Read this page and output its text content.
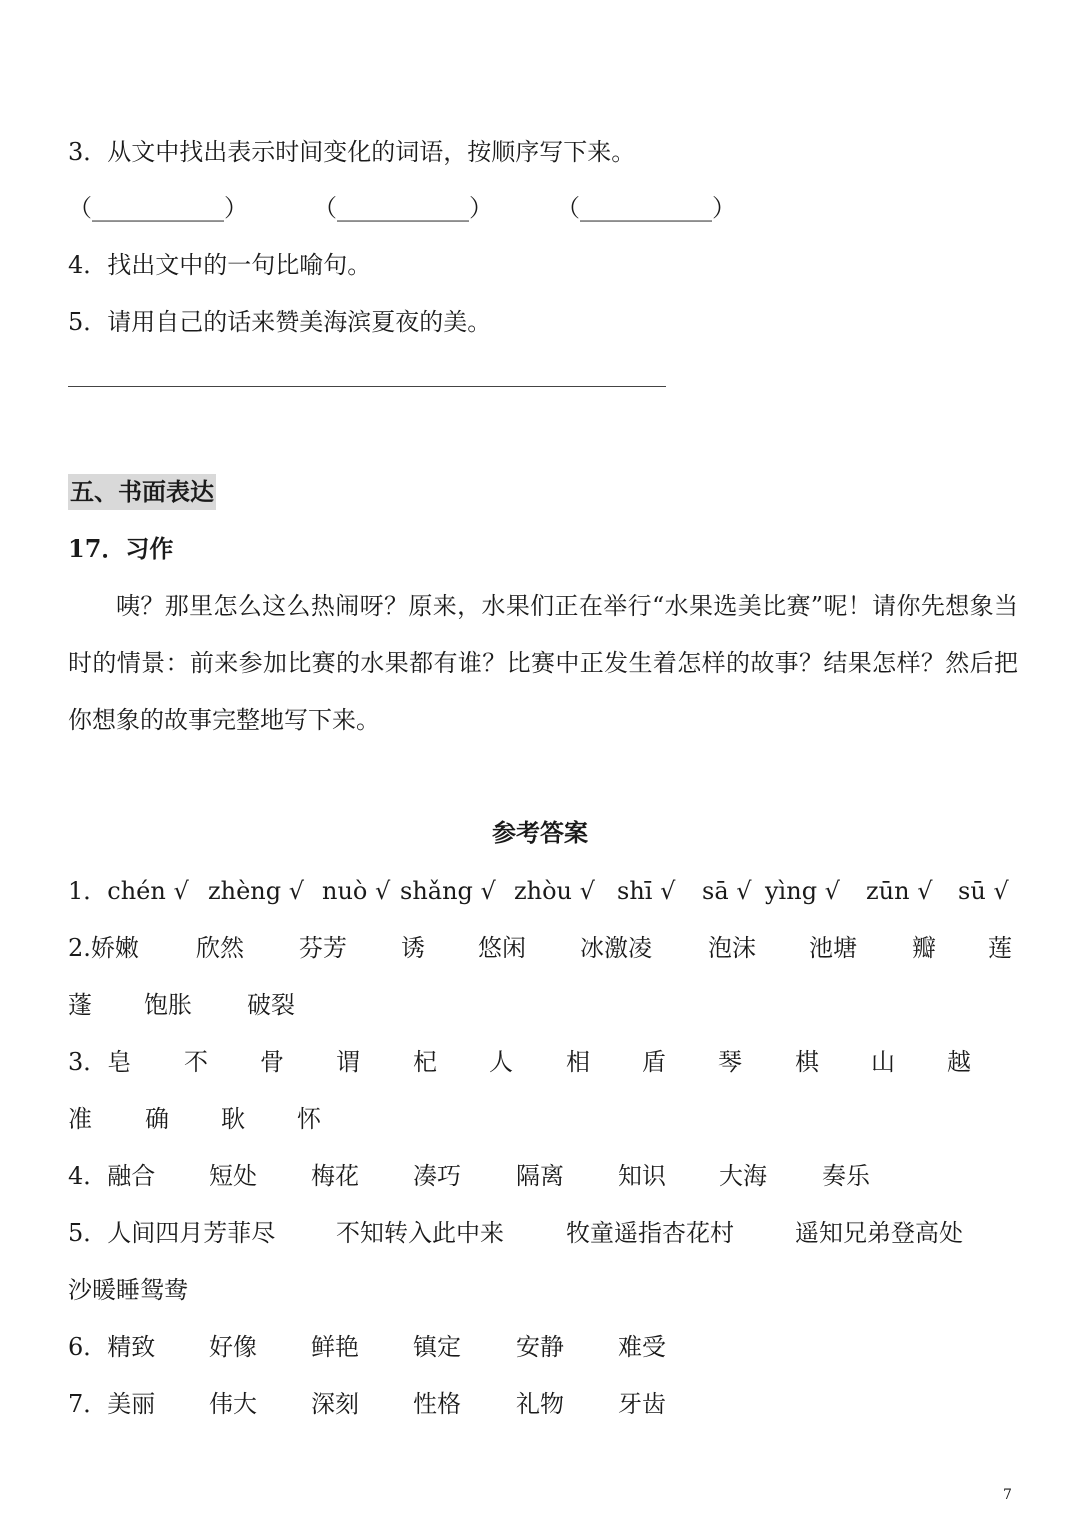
3．从文中找出表示时间变化的词语，按顺序写下来。
（___________）	（___________）	（___________）
4．找出文中的一句比喻句。
5．请用自己的话来赞美海滨夏夜的美。
五、书面表达
17．习作
咦？那里怎么这么热闹呀？原来，水果们正在举行“水果选美比赛”呢！请你先想象当时的情景：前来参加比赛的水果都有谁？比赛中正发生着怎样的故事？结果怎样？然后把你想象的故事完整地写下来。
参考答案
1．chén √ zhèng √ nuò √ shǎng √ zhòu √ shī √	sā √ yìng √	zūn √	sū √
2.娇嫩	欣然	芬芳	诱	悠闲	冰激凌	泡沫	池塘	瓣	莲
蓬	饱胀	破裂
3．皂	不	骨	谓	杞	人	相	盾	琴	棋	山	越
准	确	耿	怀
4．融合	短处	梅花	凑巧	隔离	知识	大海	奏乐
5．人间四月芳菲尽	不知转入此中来	牧童遥指杏花村	遥知兄弟登高处
沙暖睡鸳鸯
6．精致	好像	鲜艳	镇定	安静	难受
7．美丽	伟大	深刻	性格	礼物	牙齿
7
